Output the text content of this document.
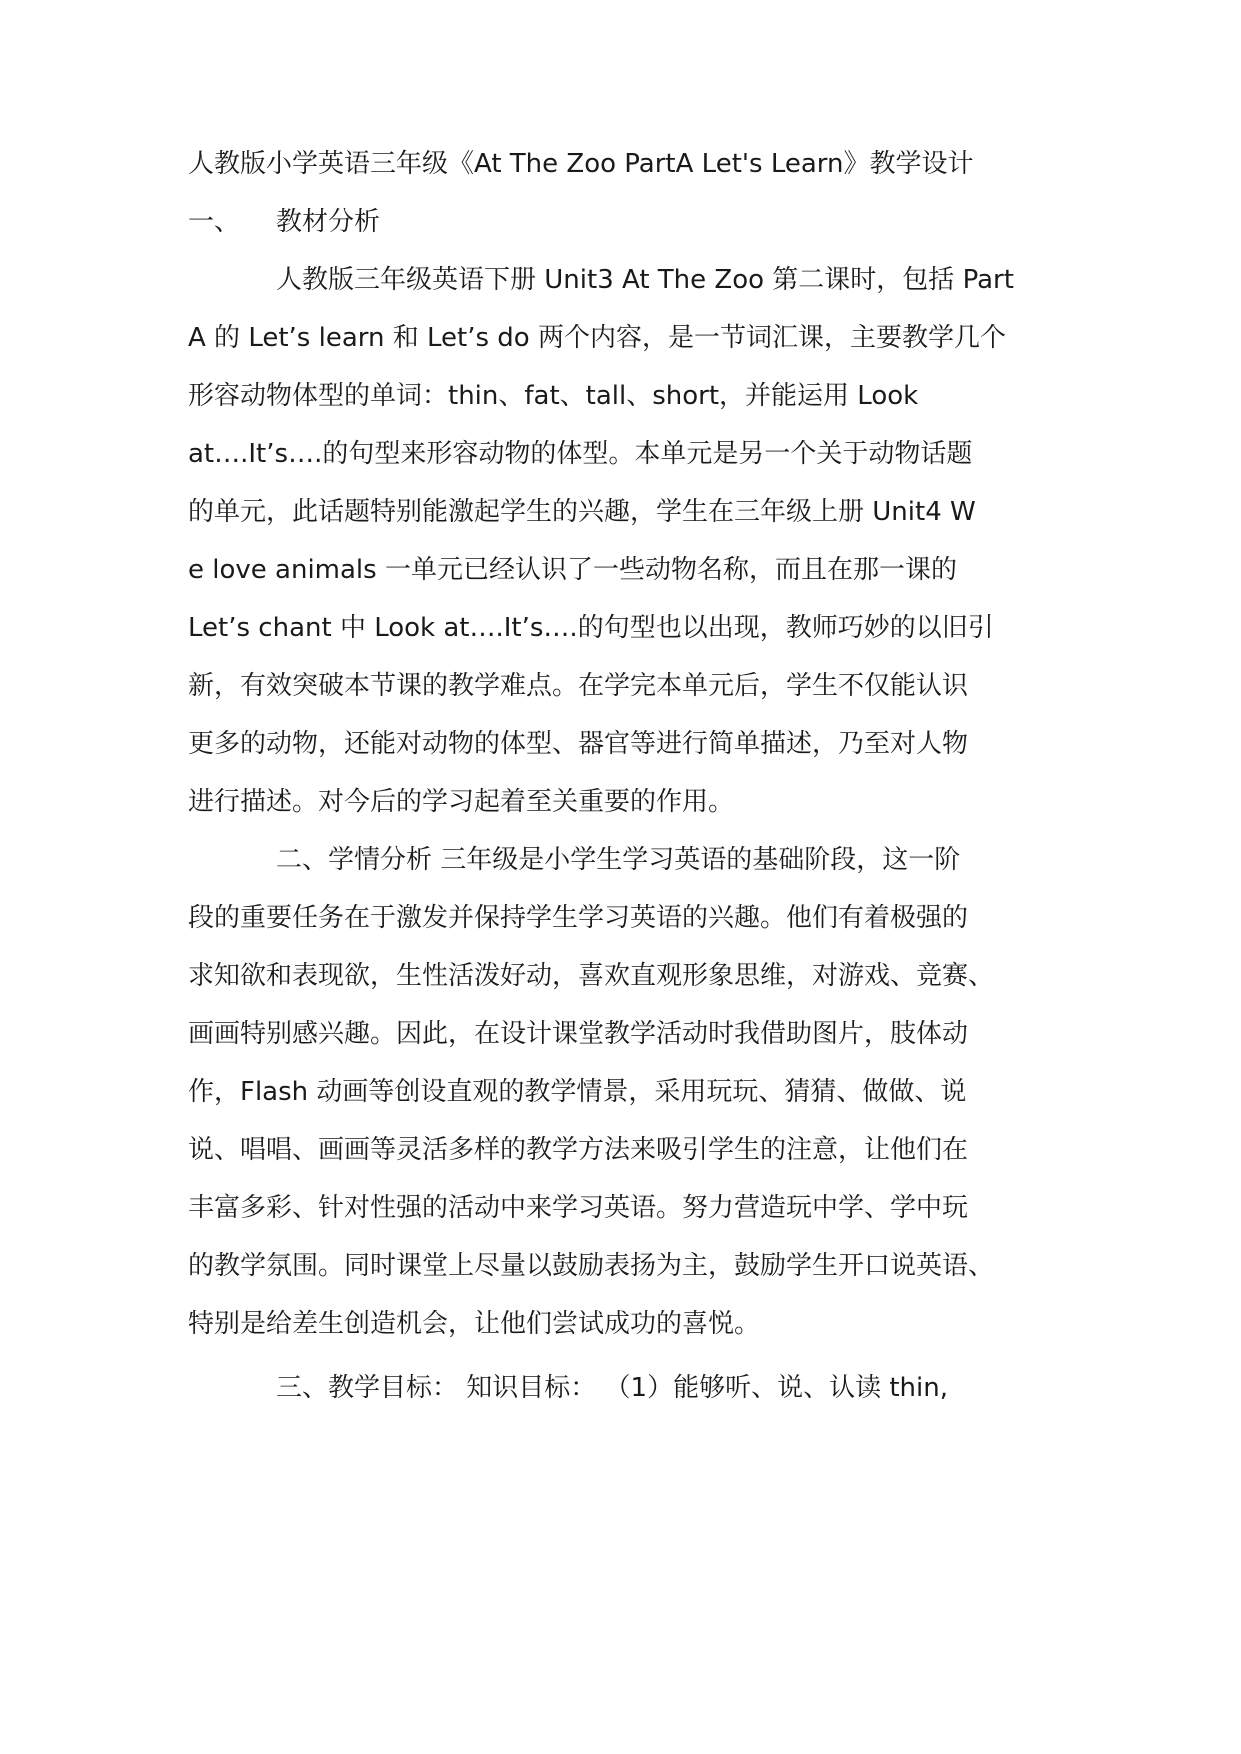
人教版小学英语三年级《At The Zoo PartA Let's Learn》教学设计
一、 教材分析
人教版三年级英语下册 Unit3 At The Zoo 第二课时，包括 Part
A 的 Let’s learn 和 Let’s do 两个内容，是一节词汇课，主要教学几个
形容动物体型的单词：thin、fat、tall、short，并能运用 Look
at….It’s….的句型来形容动物的体型。本单元是另一个关于动物话题
的单元，此话题特别能激起学生的兴趣，学生在三年级上册 Unit4 W
e love animals 一单元已经认识了一些动物名称，而且在那一课的
Let’s chant 中 Look at….It’s….的句型也以出现，教师巧妙的以旧引
新，有效突破本节课的教学难点。在学完本单元后，学生不仅能认识
更多的动物，还能对动物的体型、器官等进行简单描述，乃至对人物
进行描述。对今后的学习起着至关重要的作用。
二、学情分析 三年级是小学生学习英语的基础阶段，这一阶
段的重要任务在于激发并保持学生学习英语的兴趣。他们有着极强的
求知欲和表现欲，生性活泼好动，喜欢直观形象思维，对游戏、竞赛、
画画特别感兴趣。因此，在设计课堂教学活动时我借助图片，肢体动
作，Flash 动画等创设直观的教学情景，采用玩玩、猜猜、做做、说
说、唱唱、画画等灵活多样的教学方法来吸引学生的注意，让他们在
丰富多彩、针对性强的活动中来学习英语。努力营造玩中学、学中玩
的教学氛围。同时课堂上尽量以鼓励表扬为主，鼓励学生开口说英语、
特别是给差生创造机会，让他们尝试成功的喜悦。
三、教学目标： 知识目标： （1）能够听、说、认读 thin,
